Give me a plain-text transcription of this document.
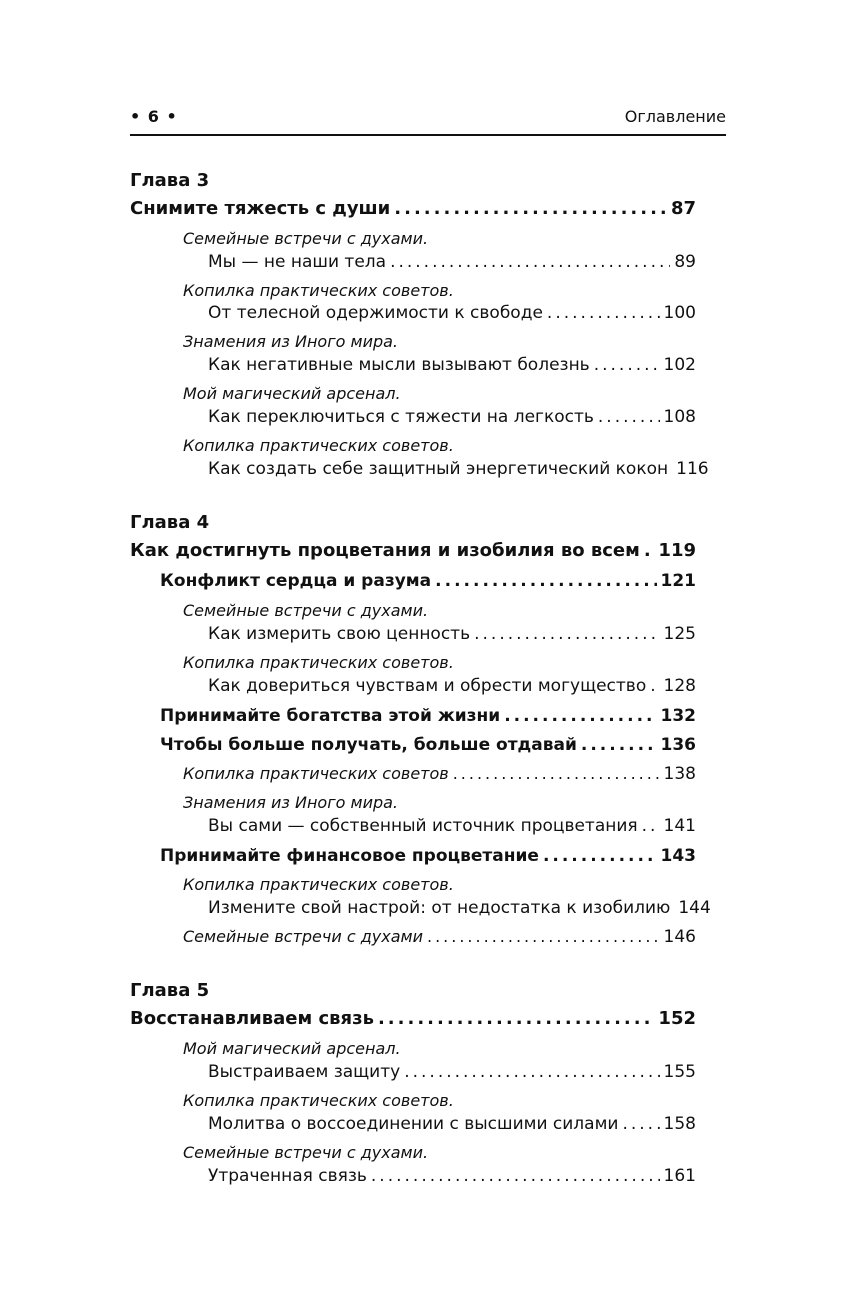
• 6 •	Оглавление
Глава 3
Снимите тяжесть с души .....	87
Семейные встречи с духами.
Мы — не наши тела .....	89
Копилка практических советов.
От телесной одержимости к свободе .....	100
Знамения из Иного мира.
Как негативные мысли вызывают болезнь .....	102
Мой магический арсенал.
Как переключиться с тяжести на легкость .....	108
Копилка практических советов.
Как создать себе защитный энергетический кокон 116
Глава 4
Как достигнуть процветания и изобилия во всем ..... 119
Конфликт сердца и разума .....	121
Семейные встречи с духами.
Как измерить свою ценность .....	125
Копилка практических советов.
Как довериться чувствам и обрести могущество ..... 128
Принимайте богатства этой жизни .....	132
Чтобы больше получать, больше отдавай .....	136
Копилка практических советов .....	138
Знамения из Иного мира.
Вы сами — собственный источник процветания ..... 141
Принимайте финансовое процветание .....	143
Копилка практических советов.
Измените свой настрой: от недостатка к изобилию 144
Семейные встречи с духами .....	146
Глава 5
Восстанавливаем связь .....	152
Мой магический арсенал.
Выстраиваем защиту .....	155
Копилка практических советов.
Молитва о воссоединении с высшими силами .....	158
Семейные встречи с духами.
Утраченная связь .....	161
